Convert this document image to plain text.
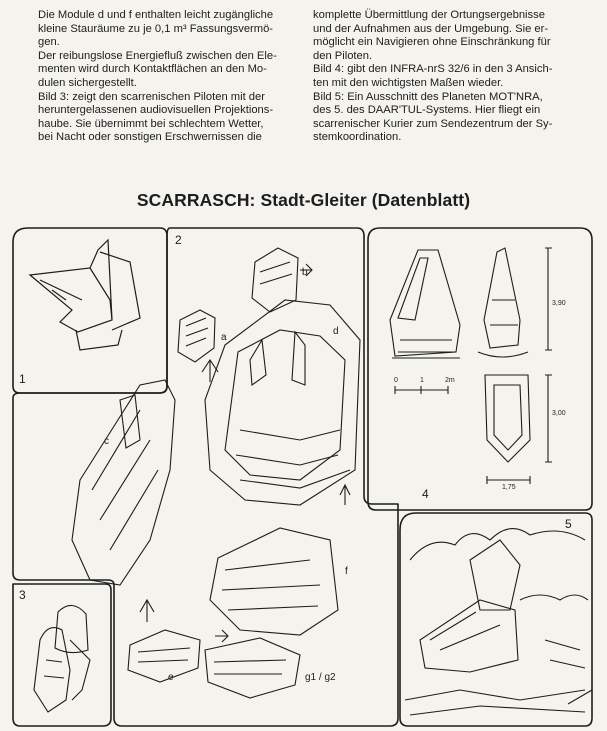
Die Module d und f enthalten leicht zugängliche

kleine Stauräume zu je 0,1 m³ Fassungsvermö-

gen.

Der reibungslose Energiefluß zwischen den Ele-

menten wird durch Kontaktflächen an den Mo-

dulen sichergestellt.

Bild 3: zeigt den scarrenischen Piloten mit der

heruntergelassenen audiovisuellen Projektions-

haube. Sie übernimmt bei schlechtem Wetter,

bei Nacht oder sonstigen Erschwernissen die

komplette Übermittlung der Ortungsergebnisse

und der Aufnahmen aus der Umgebung. Sie er-

möglicht ein Navigieren ohne Einschränkung für

den Piloten.

Bild 4: gibt den INFRA-nrS 32/6 in den 3 Ansich-

ten mit den wichtigsten Maßen wieder.

Bild 5: Ein Ausschnitt des Planeten MOT'NRA,

des 5. des DAAR'TUL-Systems. Hier fliegt ein

scarrenischer Kurier zum Sendezentrum der Sy-

stemkoordination.

SCARRASCH: Stadt-Gleiter (Datenblatt)
1
2
3
4
5
a
b
c
d
e
f
g1 / g2
0	1	2m
3,90
3,00
1,75
